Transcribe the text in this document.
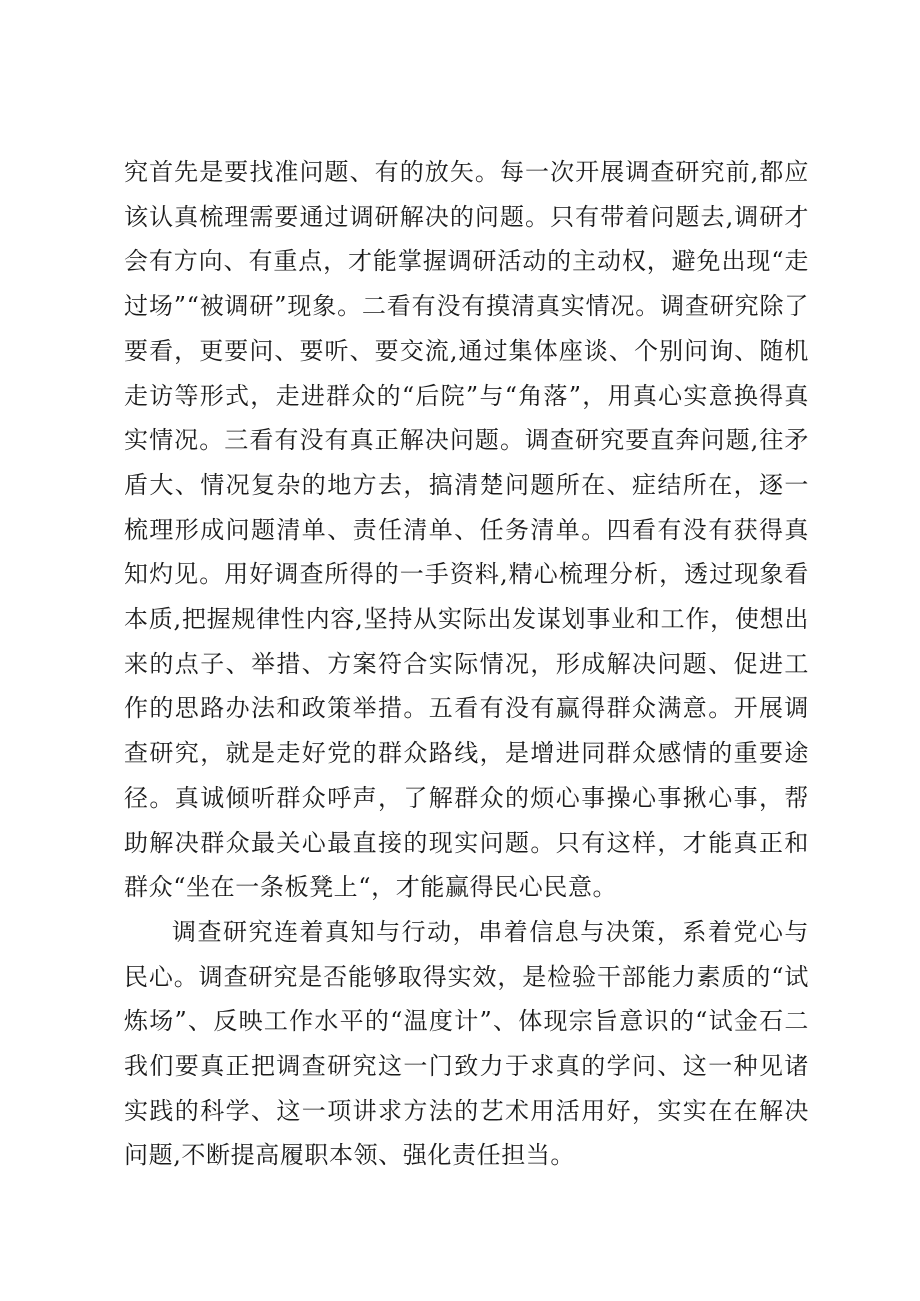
究首先是要找准问题、有的放矢。每一次开展调查研究前,都应该认真梳理需要通过调研解决的问题。只有带着问题去,调研才会有方向、有重点，才能掌握调研活动的主动权，避免出现“走过场”“被调研”现象。二看有没有摸清真实情况。调查研究除了要看，更要问、要听、要交流,通过集体座谈、个别问询、随机走访等形式，走进群众的“后院”与“角落”，用真心实意换得真实情况。三看有没有真正解决问题。调查研究要直奔问题,往矛盾大、情况复杂的地方去，搞清楚问题所在、症结所在，逐一梳理形成问题清单、责任清单、任务清单。四看有没有获得真知灼见。用好调查所得的一手资料,精心梳理分析，透过现象看本质,把握规律性内容,坚持从实际出发谋划事业和工作，使想出来的点子、举措、方案符合实际情况，形成解决问题、促进工作的思路办法和政策举措。五看有没有赢得群众满意。开展调查研究，就是走好党的群众路线，是增进同群众感情的重要途径。真诚倾听群众呼声，了解群众的烦心事操心事揪心事，帮助解决群众最关心最直接的现实问题。只有这样，才能真正和群众“坐在一条板凳上“，才能赢得民心民意。

调查研究连着真知与行动，串着信息与决策，系着党心与民心。调查研究是否能够取得实效，是检验干部能力素质的“试炼场”、反映工作水平的“温度计”、体现宗旨意识的“试金石二我们要真正把调查研究这一门致力于求真的学问、这一种见诸实践的科学、这一项讲求方法的艺术用活用好，实实在在解决问题,不断提高履职本领、强化责任担当。
